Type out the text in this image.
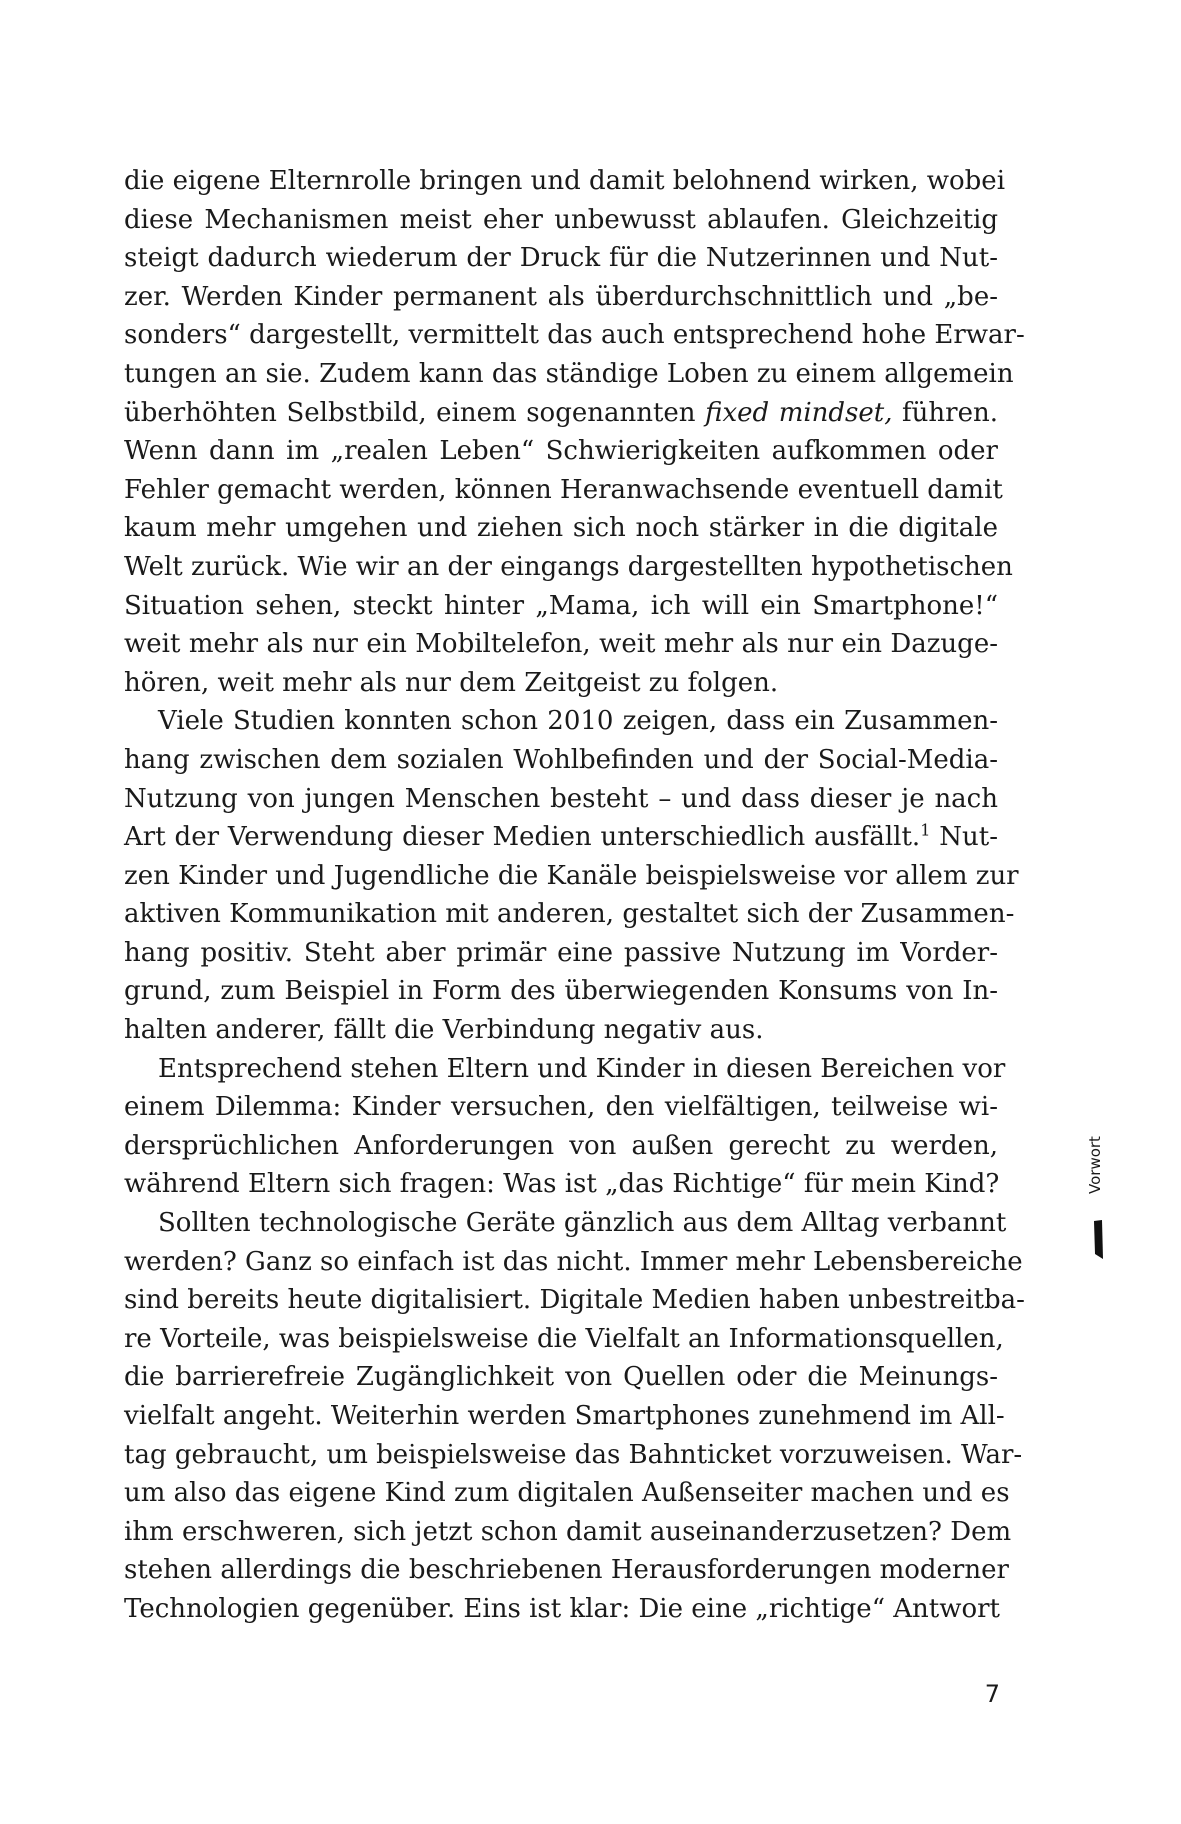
die eigene Elternrolle bringen und damit belohnend wirken, wobei
diese Mechanismen meist eher unbewusst ablaufen. Gleichzeitig
steigt dadurch wiederum der Druck für die Nutzerinnen und Nut-
zer. Werden Kinder permanent als überdurchschnittlich und „be-
sonders“ dargestellt, vermittelt das auch entsprechend hohe Erwar-
tungen an sie. Zudem kann das ständige Loben zu einem allgemein
überhöhten Selbstbild, einem sogenannten fixed mindset, führen.
Wenn dann im „realen Leben“ Schwierigkeiten aufkommen oder
Fehler gemacht werden, können Heranwachsende eventuell damit
kaum mehr umgehen und ziehen sich noch stärker in die digitale
Welt zurück. Wie wir an der eingangs dargestellten hypothetischen
Situation sehen, steckt hinter „Mama, ich will ein Smartphone!“
weit mehr als nur ein Mobiltelefon, weit mehr als nur ein Dazuge-
hören, weit mehr als nur dem Zeitgeist zu folgen.
Viele Studien konnten schon 2010 zeigen, dass ein Zusammen-
hang zwischen dem sozialen Wohlbefinden und der Social-Media-
Nutzung von jungen Menschen besteht – und dass dieser je nach
Art der Verwendung dieser Medien unterschiedlich ausfällt.$^1$ Nut-
zen Kinder und Jugendliche die Kanäle beispielsweise vor allem zur
aktiven Kommunikation mit anderen, gestaltet sich der Zusammen-
hang positiv. Steht aber primär eine passive Nutzung im Vorder-
grund, zum Beispiel in Form des überwiegenden Konsums von In-
halten anderer, fällt die Verbindung negativ aus.
Entsprechend stehen Eltern und Kinder in diesen Bereichen vor
einem Dilemma: Kinder versuchen, den vielfältigen, teilweise wi-
dersprüchlichen Anforderungen von außen gerecht zu werden,
während Eltern sich fragen: Was ist „das Richtige“ für mein Kind?
Sollten technologische Geräte gänzlich aus dem Alltag verbannt
werden? Ganz so einfach ist das nicht. Immer mehr Lebensbereiche
sind bereits heute digitalisiert. Digitale Medien haben unbestreitba-
re Vorteile, was beispielsweise die Vielfalt an Informationsquellen,
die barrierefreie Zugänglichkeit von Quellen oder die Meinungs-
vielfalt angeht. Weiterhin werden Smartphones zunehmend im All-
tag gebraucht, um beispielsweise das Bahnticket vorzuweisen. War-
um also das eigene Kind zum digitalen Außenseiter machen und es
ihm erschweren, sich jetzt schon damit auseinanderzusetzen? Dem
stehen allerdings die beschriebenen Herausforderungen moderner
Technologien gegenüber. Eins ist klar: Die eine „richtige“ Antwort
Vorwort
7
